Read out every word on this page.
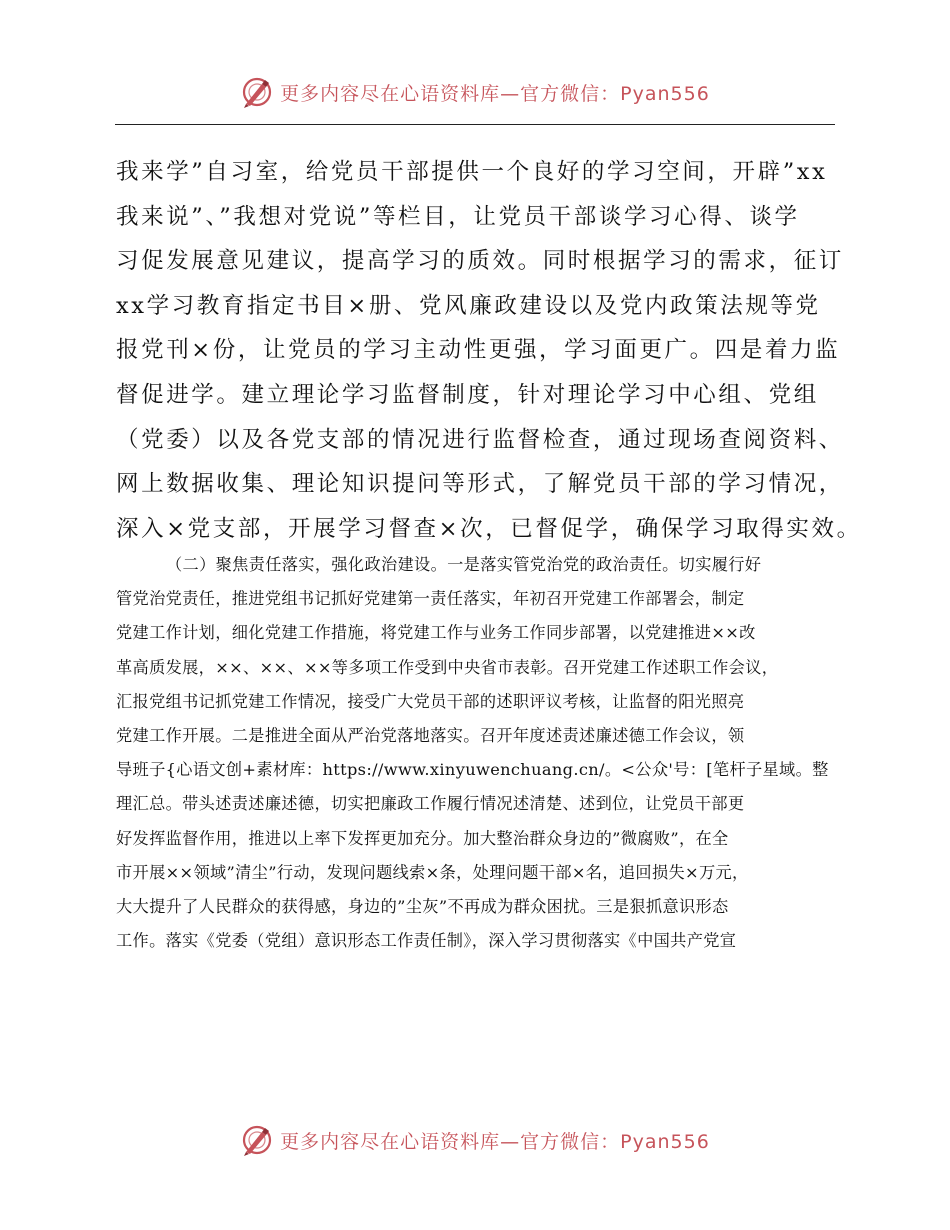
更多内容尽在心语资料库—官方微信：Pyan556
我来学”自习室，给党员干部提供一个良好的学习空间，开辟”xx
我来说”、”我想对党说”等栏目，让党员干部谈学习心得、谈学
习促发展意见建议，提高学习的质效。同时根据学习的需求，征订
xx学习教育指定书目×册、党风廉政建设以及党内政策法规等党
报党刊×份，让党员的学习主动性更强，学习面更广。四是着力监
督促进学。建立理论学习监督制度，针对理论学习中心组、党组
（党委）以及各党支部的情况进行监督检查，通过现场查阅资料、
网上数据收集、理论知识提问等形式，了解党员干部的学习情况，
深入×党支部，开展学习督查×次，已督促学，确保学习取得实效。
（二）聚焦责任落实，强化政治建设。一是落实管党治党的政治责任。切实履行好
管党治党责任，推进党组书记抓好党建第一责任落实，年初召开党建工作部署会，制定
党建工作计划，细化党建工作措施，将党建工作与业务工作同步部署，以党建推进××改
革高质发展，××、××、××等多项工作受到中央省市表彰。召开党建工作述职工作会议，
汇报党组书记抓党建工作情况，接受广大党员干部的述职评议考核，让监督的阳光照亮
党建工作开展。二是推进全面从严治党落地落实。召开年度述责述廉述德工作会议，领
导班子{心语文创+素材库：https://www.xinyuwenchuang.cn/。<公众'号：[笔杆子星域。整
理汇总。带头述责述廉述德，切实把廉政工作履行情况述清楚、述到位，让党员干部更
好发挥监督作用，推进以上率下发挥更加充分。加大整治群众身边的”微腐败”，在全
市开展××领域”清尘”行动，发现问题线索×条，处理问题干部×名，追回损失×万元，
大大提升了人民群众的获得感，身边的”尘灰”不再成为群众困扰。三是狠抓意识形态
工作。落实《党委（党组）意识形态工作责任制》，深入学习贯彻落实《中国共产党宣
更多内容尽在心语资料库—官方微信：Pyan556
